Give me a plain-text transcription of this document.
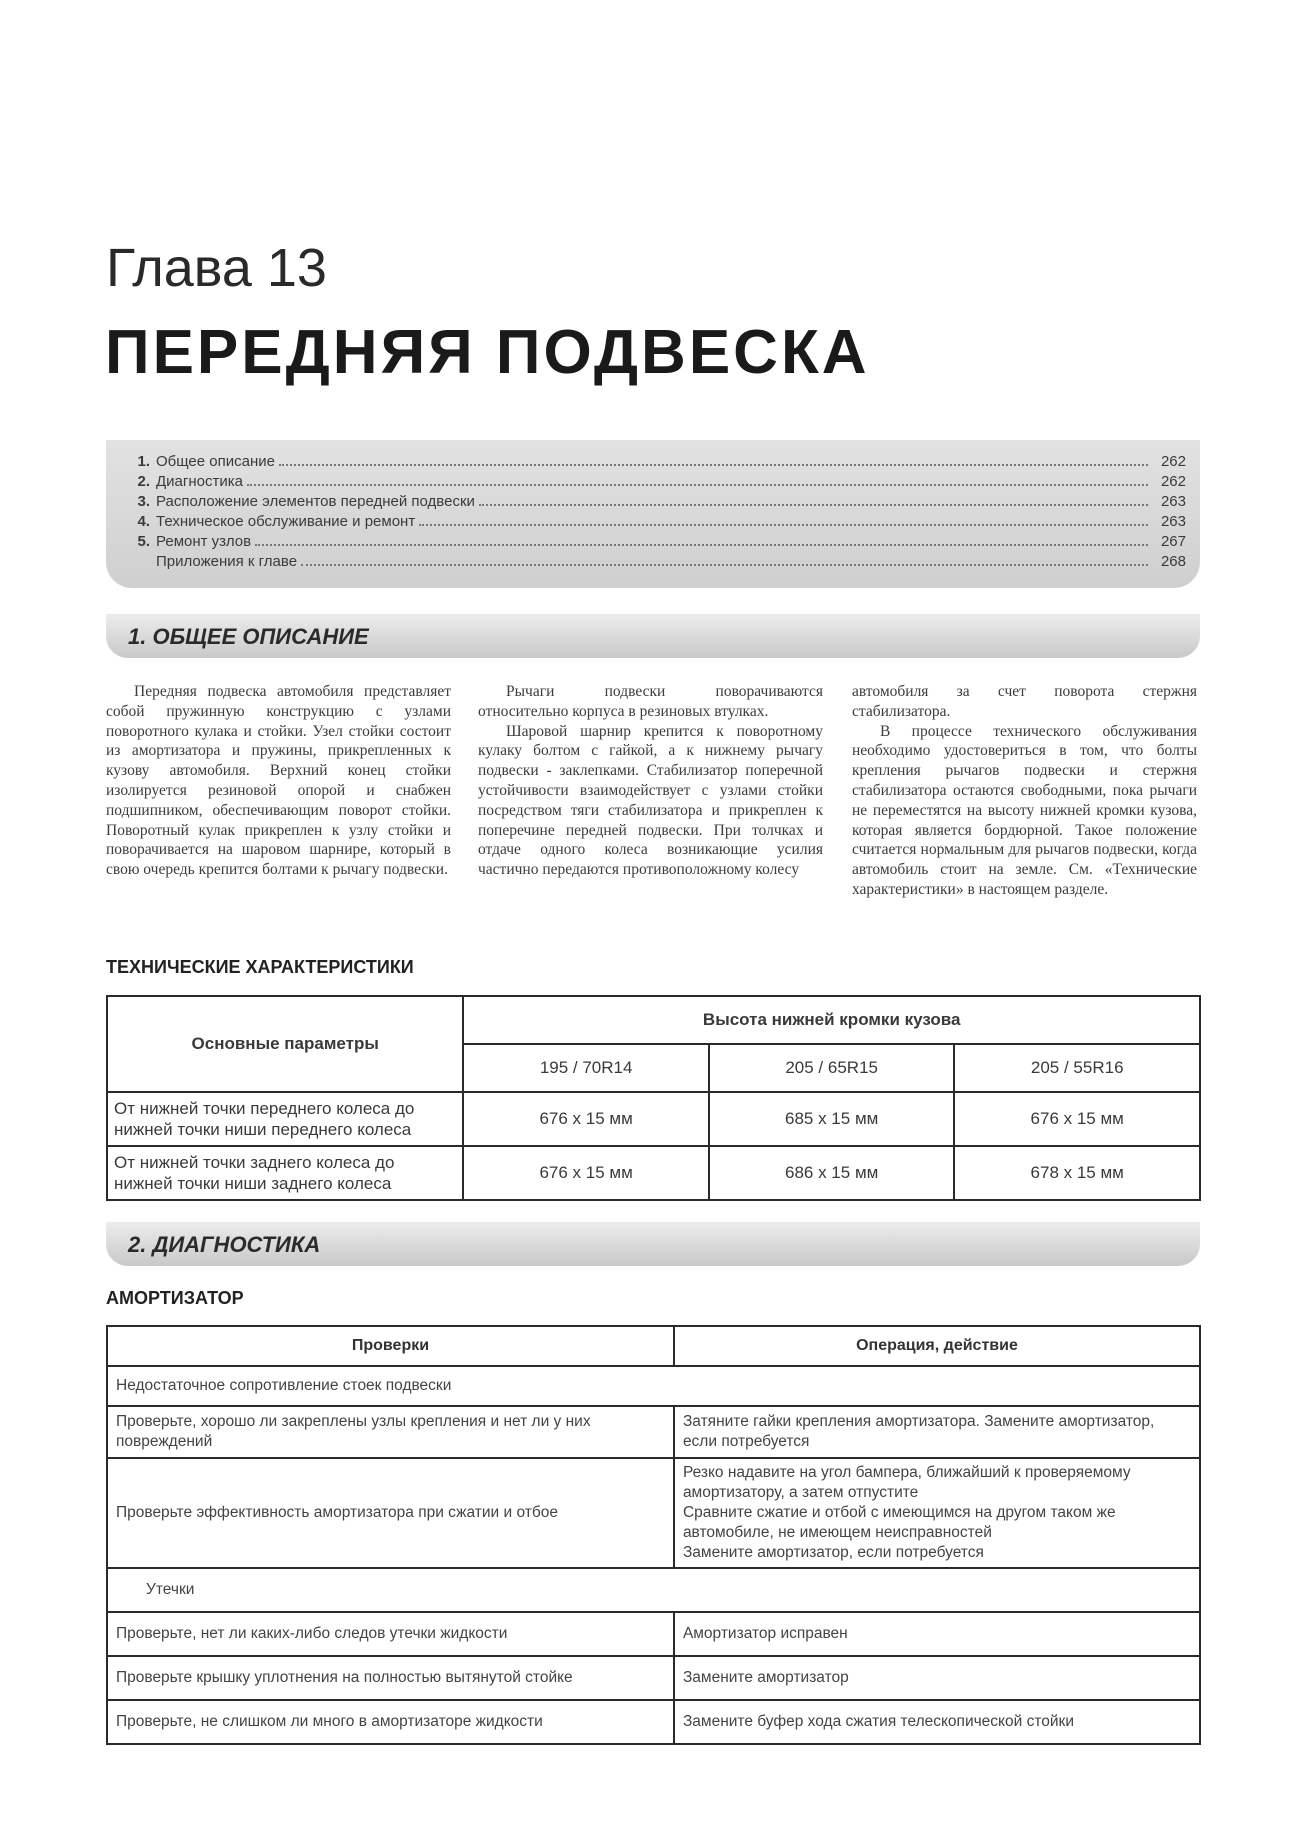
Глава 13
ПЕРЕДНЯЯ ПОДВЕСКА
1. Общее описание	262
2. Диагностика	262
3. Расположение элементов передней подвески	263
4. Техническое обслуживание и ремонт	263
5. Ремонт узлов	267
Приложения к главе	268
1. ОБЩЕЕ ОПИСАНИЕ

Передняя подвеска автомобиля представляет собой пружинную конструкцию с узлами поворотного кулака и стойки. Узел стойки состоит из амортизатора и пружины, прикрепленных к кузову автомобиля. Верхний конец стойки изолируется резиновой опорой и снабжен подшипником, обеспечивающим поворот стойки. Поворотный кулак прикреплен к узлу стойки и поворачивается на шаровом шарнире, который в свою очередь крепится болтами к рычагу подвески.

Рычаги подвески поворачиваются относительно корпуса в резиновых втулках.

Шаровой шарнир крепится к поворотному кулаку болтом с гайкой, а к нижнему рычагу подвески - заклепками. Стабилизатор поперечной устойчивости взаимодействует с узлами стойки посредством тяги стабилизатора и прикреплен к поперечине передней подвески. При толчках и отдаче одного колеса возникающие усилия частично передаются противоположному колесу

автомобиля за счет поворота стержня стабилизатора.

В процессе технического обслуживания необходимо удостовериться в том, что болты крепления рычагов подвески и стержня стабилизатора остаются свободными, пока рычаги не переместятся на высоту нижней кромки кузова, которая является бордюрной. Такое положение считается нормальным для рычагов подвески, когда автомобиль стоит на земле. См. «Технические характеристики» в настоящем разделе.

ТЕХНИЧЕСКИЕ ХАРАКТЕРИСТИКИ
Основные параметры	Высота нижней кромки кузова		
	195 / 70R14	205 / 65R15	205 / 55R16
От нижней точки переднего колеса до нижней точки ниши переднего колеса	676 х 15 мм	685 х 15 мм	676 х 15 мм
От нижней точки заднего колеса до нижней точки ниши заднего колеса	676 х 15 мм	686 х 15 мм	678 х 15 мм
2. ДИАГНОСТИКА
АМОРТИЗАТОР
Проверки	Операция, действие
Недостаточное сопротивление стоек подвески	
Проверьте, хорошо ли закреплены узлы крепления и нет ли у них повреждений	Затяните гайки крепления амортизатора. Замените амортизатор, если потребуется
Проверьте эффективность амортизатора при сжатии и отбое	Резко надавите на угол бампера, ближайший к проверяемому амортизатору, а затем отпустите
Сравните сжатие и отбой с имеющимся на другом таком же автомобиле, не имеющем неисправностей
Замените амортизатор, если потребуется

Утечки	
Проверьте, нет ли каких-либо следов утечки жидкости	Амортизатор исправен
Проверьте крышку уплотнения на полностью вытянутой стойке	Замените амортизатор
Проверьте, не слишком ли много в амортизаторе жидкости	Замените буфер хода сжатия телескопической стойки
